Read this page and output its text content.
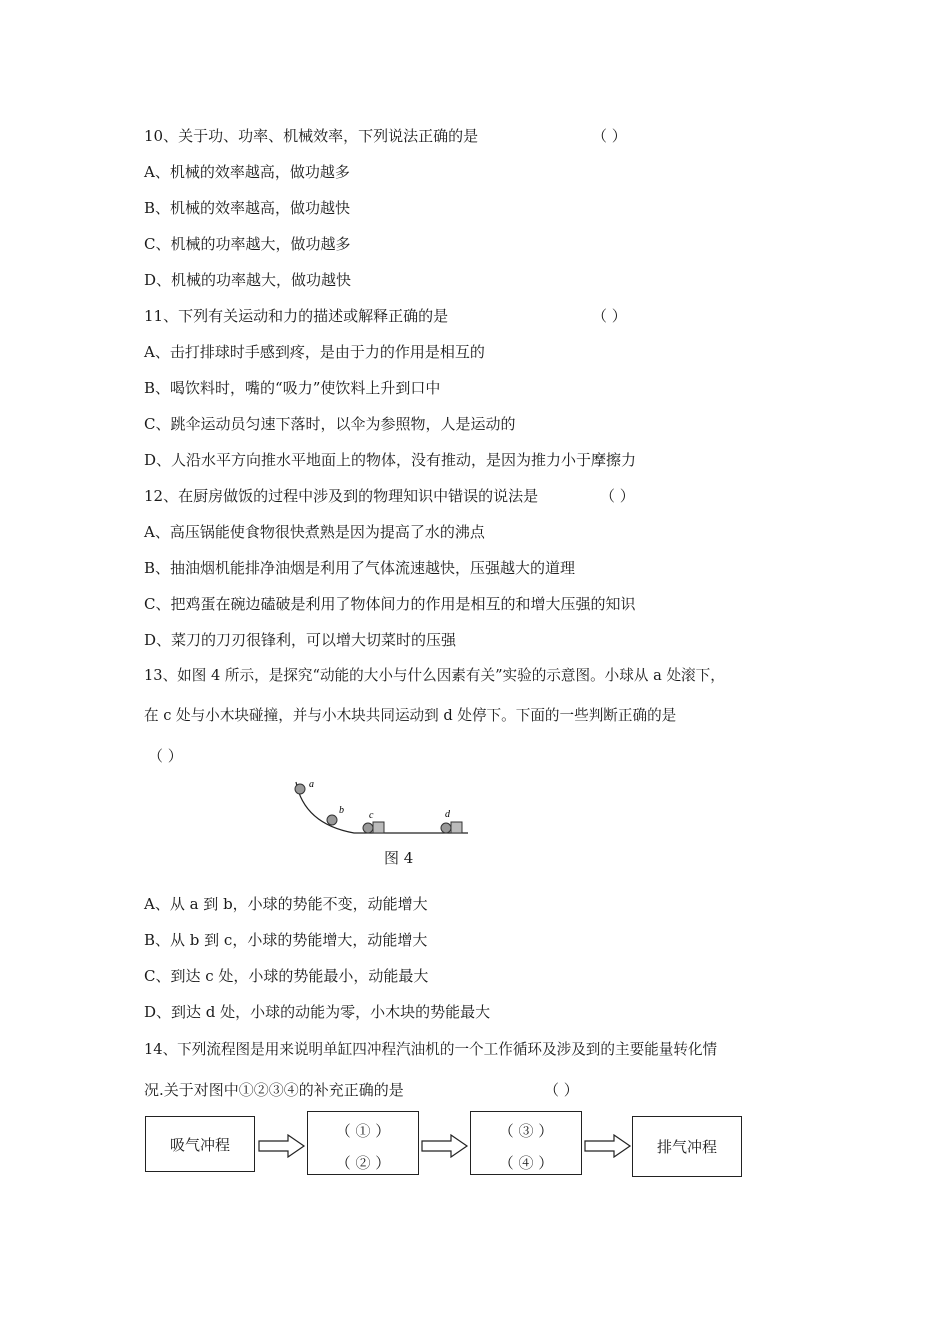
10、关于功、功率、机械效率，下列说法正确的是	（ ）
A、机械的效率越高，做功越多
B、机械的效率越高，做功越快
C、机械的功率越大，做功越多
D、机械的功率越大，做功越快
11、下列有关运动和力的描述或解释正确的是	（ ）
A、击打排球时手感到疼，是由于力的作用是相互的
B、喝饮料时，嘴的“吸力”使饮料上升到口中
C、跳伞运动员匀速下落时，以伞为参照物，人是运动的
D、人沿水平方向推水平地面上的物体，没有推动，是因为推力小于摩擦力
12、在厨房做饭的过程中涉及到的物理知识中错误的说法是	（ ）
A、高压锅能使食物很快煮熟是因为提高了水的沸点
B、抽油烟机能排净油烟是利用了气体流速越快，压强越大的道理
C、把鸡蛋在碗边磕破是利用了物体间力的作用是相互的和增大压强的知识
D、菜刀的刀刃很锋利，可以增大切菜时的压强
13、如图 4 所示，是探究“动能的大小与什么因素有关”实验的示意图。小球从 a 处滚下，
在 c 处与小木块碰撞，并与小木块共同运动到 d 处停下。下面的一些判断正确的是
（ ）
a
b	c	d
图 4
A、从 a 到 b，小球的势能不变，动能增大
B、从 b 到 c，小球的势能增大，动能增大
C、到达 c 处，小球的势能最小，动能最大
D、到达 d 处，小球的动能为零，小木块的势能最大
14、下列流程图是用来说明单缸四冲程汽油机的一个工作循环及涉及到的主要能量转化情
况.关于对图中①②③④的补充正确的是	（ ）
吸气冲程
（ ① ）
（ ② ）
（ ③ ）
（ ④ ）
排气冲程
